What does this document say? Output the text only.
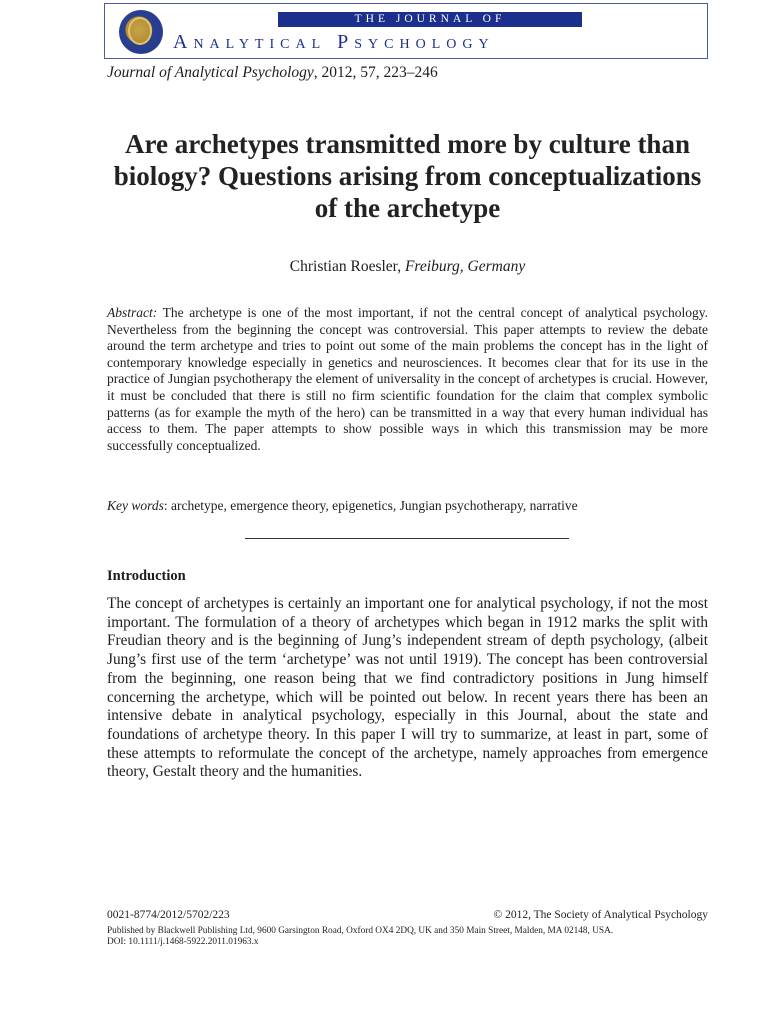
THE JOURNAL OF
Analytical Psychology
Journal of Analytical Psychology, 2012, 57, 223–246
Are archetypes transmitted more by culture than biology? Questions arising from conceptualizations of the archetype
Christian Roesler, Freiburg, Germany
Abstract: The archetype is one of the most important, if not the central concept of analytical psychology. Nevertheless from the beginning the concept was controversial. This paper attempts to review the debate around the term archetype and tries to point out some of the main problems the concept has in the light of contemporary knowledge especially in genetics and neurosciences. It becomes clear that for its use in the practice of Jungian psychotherapy the element of universality in the concept of archetypes is crucial. However, it must be concluded that there is still no firm scientific foundation for the claim that complex symbolic patterns (as for example the myth of the hero) can be transmitted in a way that every human individual has access to them. The paper attempts to show possible ways in which this transmission may be more successfully conceptualized.
Key words: archetype, emergence theory, epigenetics, Jungian psychotherapy, narrative
Introduction
The concept of archetypes is certainly an important one for analytical psychology, if not the most important. The formulation of a theory of archetypes which began in 1912 marks the split with Freudian theory and is the beginning of Jung’s independent stream of depth psychology, (albeit Jung’s first use of the term ‘archetype’ was not until 1919). The concept has been controversial from the beginning, one reason being that we find contradictory positions in Jung himself concerning the archetype, which will be pointed out below. In recent years there has been an intensive debate in analytical psychology, especially in this Journal, about the state and foundations of archetype theory. In this paper I will try to summarize, at least in part, some of these attempts to reformulate the concept of the archetype, namely approaches from emergence theory, Gestalt theory and the humanities.
0021-8774/2012/5702/223	© 2012, The Society of Analytical Psychology
Published by Blackwell Publishing Ltd, 9600 Garsington Road, Oxford OX4 2DQ, UK and 350 Main Street, Malden, MA 02148, USA.
DOI: 10.1111/j.1468-5922.2011.01963.x
